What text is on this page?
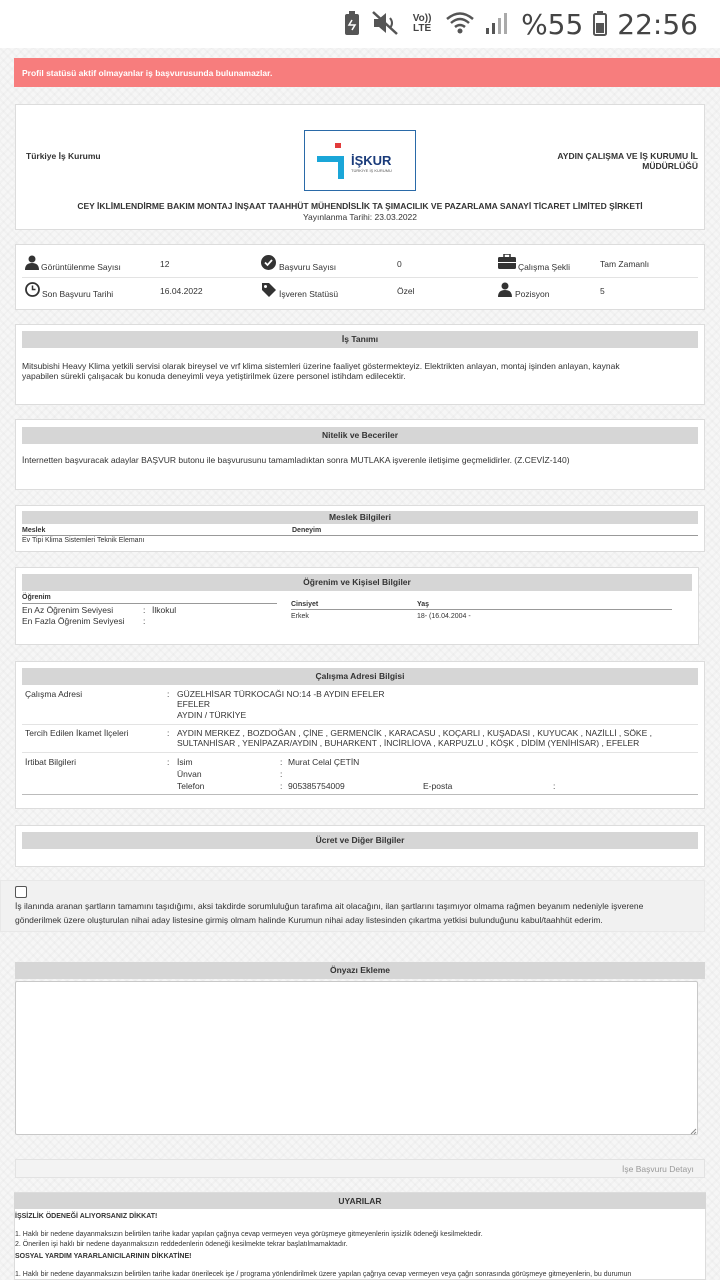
Vo)) LTE	%55 22:56
Profil statüsü aktif olmayanlar iş başvurusunda bulunamazlar.
Türkiye İş Kurumu	İŞKUR
TÜRKİYE İŞ KURUMU
AYDIN ÇALIŞMA VE İŞ KURUMU İL MÜDÜRLÜĞÜ
CEY İKLİMLENDİRME BAKIM MONTAJ İNŞAAT TAAHHÜT MÜHENDİSLİK TA ŞIMACILIK VE PAZARLAMA SANAYİ TİCARET LİMİTED ŞİRKETİ
Yayınlanma Tarihi: 23.03.2022
Görüntülenme Sayısı	12	Başvuru Sayısı	0	Çalışma Şekli	Tam Zamanlı
Son Başvuru Tarihi	16.04.2022	İşveren Statüsü	Özel	Pozisyon	5
İş Tanımı
Mitsubishi Heavy Klima yetkili servisi olarak bireysel ve vrf klima sistemleri üzerine faaliyet göstermekteyiz. Elektrikten anlayan, montaj işinden anlayan, kaynak
yapabilen sürekli çalışacak bu konuda deneyimli veya yetiştirilmek üzere personel istihdam edilecektir.
Nitelik ve Beceriler
İnternetten başvuracak adaylar BAŞVUR butonu ile başvurusunu tamamladıktan sonra MUTLAKA işverenle iletişime geçmelidirler. (Z.CEVİZ-140)
Meslek Bilgileri
Meslek	Deneyim
Ev Tipi Klima Sistemleri Teknik Elemanı
Öğrenim ve Kişisel Bilgiler
Öğrenim
En Az Öğrenim Seviyesi	: İlkokul
En Fazla Öğrenim Seviyesi :
Cinsiyet	Yaş
Erkek	18- (16.04.2004 -
Çalışma Adresi Bilgisi
Çalışma Adresi	: GÜZELHİSAR TÜRKOCAĞI NO:14 -B AYDIN EFELER
EFELER
AYDIN / TÜRKİYE
Tercih Edilen İkamet İlçeleri	: AYDIN MERKEZ , BOZDOĞAN , ÇİNE , GERMENCİK , KARACASU , KOÇARLI , KUŞADASI , KUYUCAK , NAZİLLİ , SÖKE ,
SULTANHİSAR , YENİPAZAR/AYDIN , BUHARKENT , İNCİRLİOVA , KARPUZLU , KÖŞK , DİDİM (YENİHİSAR) , EFELER
İrtibat Bilgileri	: İsim	: Murat Celal ÇETİN
Ünvan	:
Telefon	: 905385754009	E-posta	:
Ücret ve Diğer Bilgiler
İş ilanında aranan şartların tamamını taşıdığımı, aksi takdirde sorumluluğun tarafıma ait olacağını, ilan şartlarını taşımıyor olmama rağmen beyanım nedeniyle işverene
gönderilmek üzere oluşturulan nihai aday listesine girmiş olmam halinde Kurumun nihai aday listesinden çıkartma yetkisi bulunduğunu kabul/taahhüt ederim.
Önyazı Ekleme
İşe Başvuru Detayı
UYARILAR
İŞSİZLİK ÖDENEĞİ ALIYORSANIZ DİKKAT!
1. Haklı bir nedene dayanmaksızın belirtilen tarihe kadar yapılan çağrıya cevap vermeyen veya görüşmeye gitmeyenlerin işsizlik ödeneği kesilmektedir.
2. Önerilen işi haklı bir nedene dayanmaksızın reddedenlerin ödeneği kesilmekte tekrar başlatılmamaktadır.
SOSYAL YARDIM YARARLANICILARININ DİKKATİNE!
1. Haklı bir nedene dayanmaksızın belirtilen tarihe kadar önerilecek işe / programa yönlendirilmek üzere yapılan çağrıya cevap vermeyen veya çağrı sonrasında görüşmeye gitmeyenlerin, bu durumun
